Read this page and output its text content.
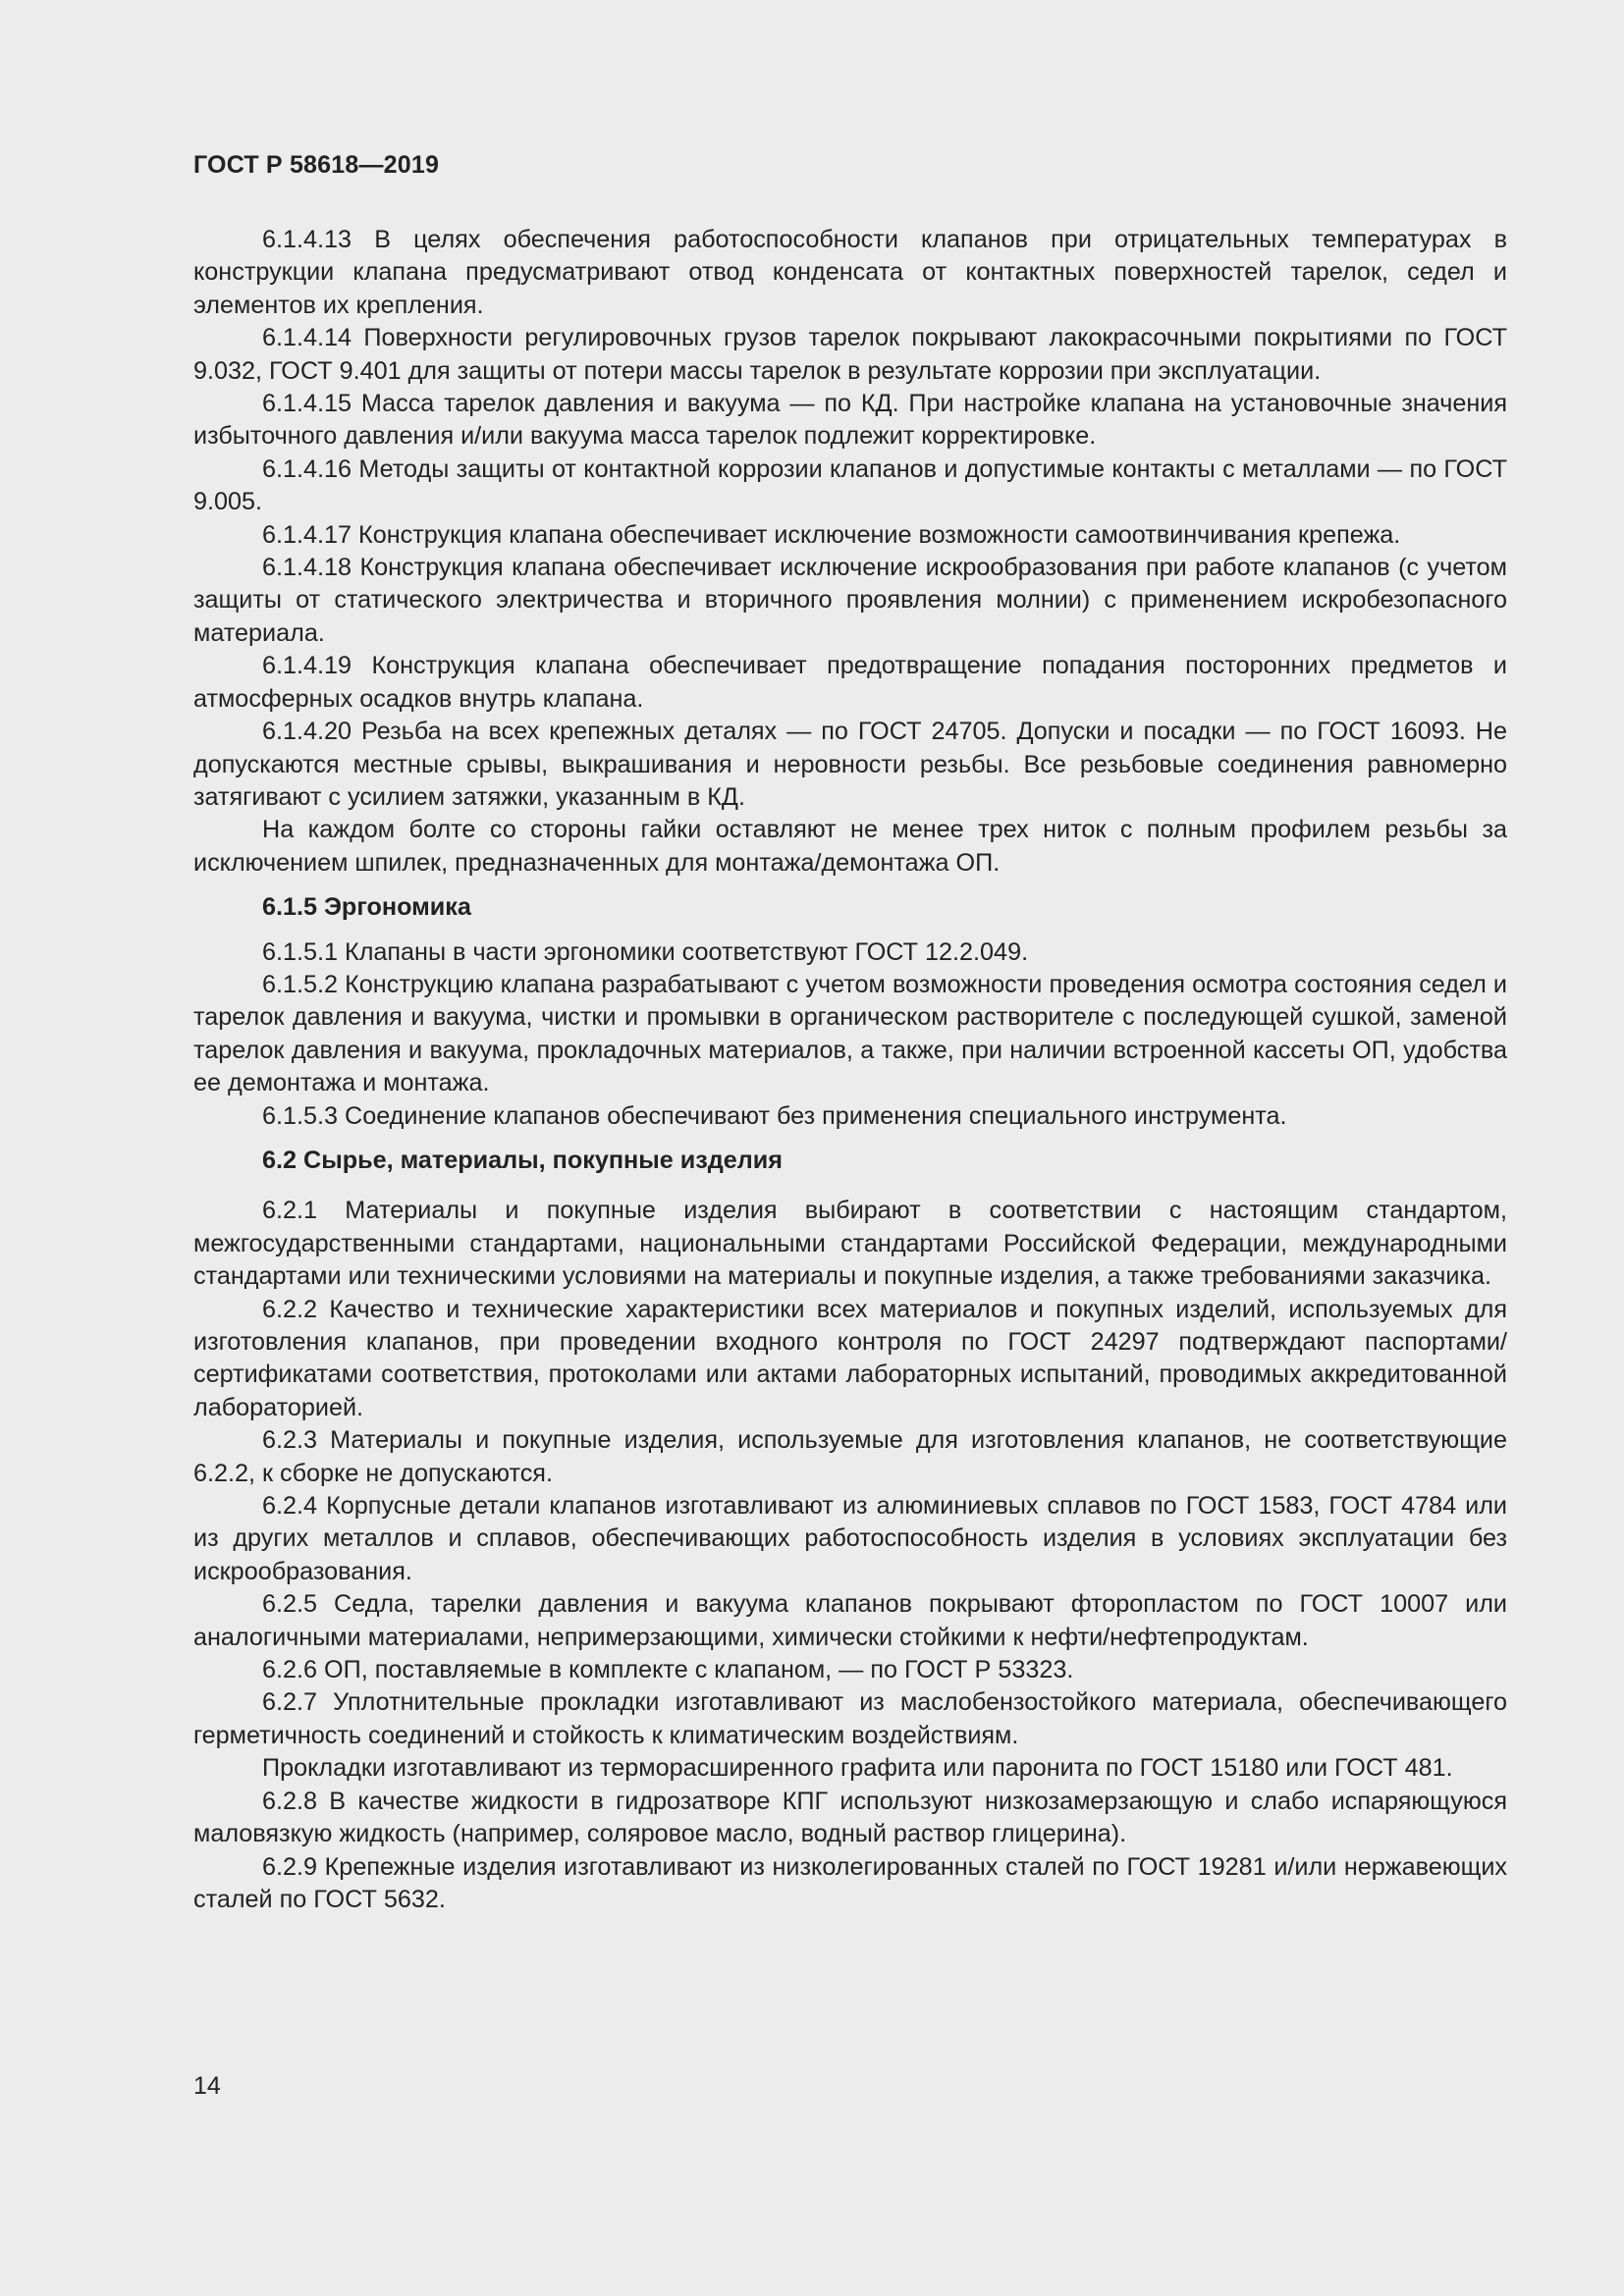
ГОСТ Р 58618—2019

6.1.4.13 В целях обеспечения работоспособности клапанов при отрицательных температурах в конструкции клапана предусматривают отвод конденсата от контактных поверхностей тарелок, седел и элементов их крепления.

6.1.4.14 Поверхности регулировочных грузов тарелок покрывают лакокрасочными покрытиями по ГОСТ 9.032, ГОСТ 9.401 для защиты от потери массы тарелок в результате коррозии при эксплуатации.

6.1.4.15 Масса тарелок давления и вакуума — по КД. При настройке клапана на установочные значения избыточного давления и/или вакуума масса тарелок подлежит корректировке.

6.1.4.16 Методы защиты от контактной коррозии клапанов и допустимые контакты с металлами — по ГОСТ 9.005.

6.1.4.17 Конструкция клапана обеспечивает исключение возможности самоотвинчивания крепежа.

6.1.4.18 Конструкция клапана обеспечивает исключение искрообразования при работе клапанов (с учетом защиты от статического электричества и вторичного проявления молнии) с применением искробезопасного материала.

6.1.4.19 Конструкция клапана обеспечивает предотвращение попадания посторонних предметов и атмосферных осадков внутрь клапана.

6.1.4.20 Резьба на всех крепежных деталях — по ГОСТ 24705. Допуски и посадки — по ГОСТ 16093. Не допускаются местные срывы, выкрашивания и неровности резьбы. Все резьбовые соединения равномерно затягивают с усилием затяжки, указанным в КД.

На каждом болте со стороны гайки оставляют не менее трех ниток с полным профилем резьбы за исключением шпилек, предназначенных для монтажа/демонтажа ОП.

6.1.5 Эргономика

6.1.5.1 Клапаны в части эргономики соответствуют ГОСТ 12.2.049.

6.1.5.2 Конструкцию клапана разрабатывают с учетом возможности проведения осмотра состояния седел и тарелок давления и вакуума, чистки и промывки в органическом растворителе с последующей сушкой, заменой тарелок давления и вакуума, прокладочных материалов, а также, при наличии встроенной кассеты ОП, удобства ее демонтажа и монтажа.

6.1.5.3 Соединение клапанов обеспечивают без применения специального инструмента.

6.2 Сырье, материалы, покупные изделия

6.2.1 Материалы и покупные изделия выбирают в соответствии с настоящим стандартом, межгосударственными стандартами, национальными стандартами Российской Федерации, международными стандартами или техническими условиями на материалы и покупные изделия, а также требованиями заказчика.

6.2.2 Качество и технические характеристики всех материалов и покупных изделий, используемых для изготовления клапанов, при проведении входного контроля по ГОСТ 24297 подтверждают паспортами/сертификатами соответствия, протоколами или актами лабораторных испытаний, проводимых аккредитованной лабораторией.

6.2.3 Материалы и покупные изделия, используемые для изготовления клапанов, не соответствующие 6.2.2, к сборке не допускаются.

6.2.4 Корпусные детали клапанов изготавливают из алюминиевых сплавов по ГОСТ 1583, ГОСТ 4784 или из других металлов и сплавов, обеспечивающих работоспособность изделия в условиях эксплуатации без искрообразования.

6.2.5 Седла, тарелки давления и вакуума клапанов покрывают фторопластом по ГОСТ 10007 или аналогичными материалами, непримерзающими, химически стойкими к нефти/нефтепродуктам.

6.2.6 ОП, поставляемые в комплекте с клапаном, — по ГОСТ Р 53323.

6.2.7 Уплотнительные прокладки изготавливают из маслобензостойкого материала, обеспечивающего герметичность соединений и стойкость к климатическим воздействиям.

Прокладки изготавливают из терморасширенного графита или паронита по ГОСТ 15180 или ГОСТ 481.

6.2.8 В качестве жидкости в гидрозатворе КПГ используют низкозамерзающую и слабо испаряющуюся маловязкую жидкость (например, соляровое масло, водный раствор глицерина).

6.2.9 Крепежные изделия изготавливают из низколегированных сталей по ГОСТ 19281 и/или нержавеющих сталей по ГОСТ 5632.

14
